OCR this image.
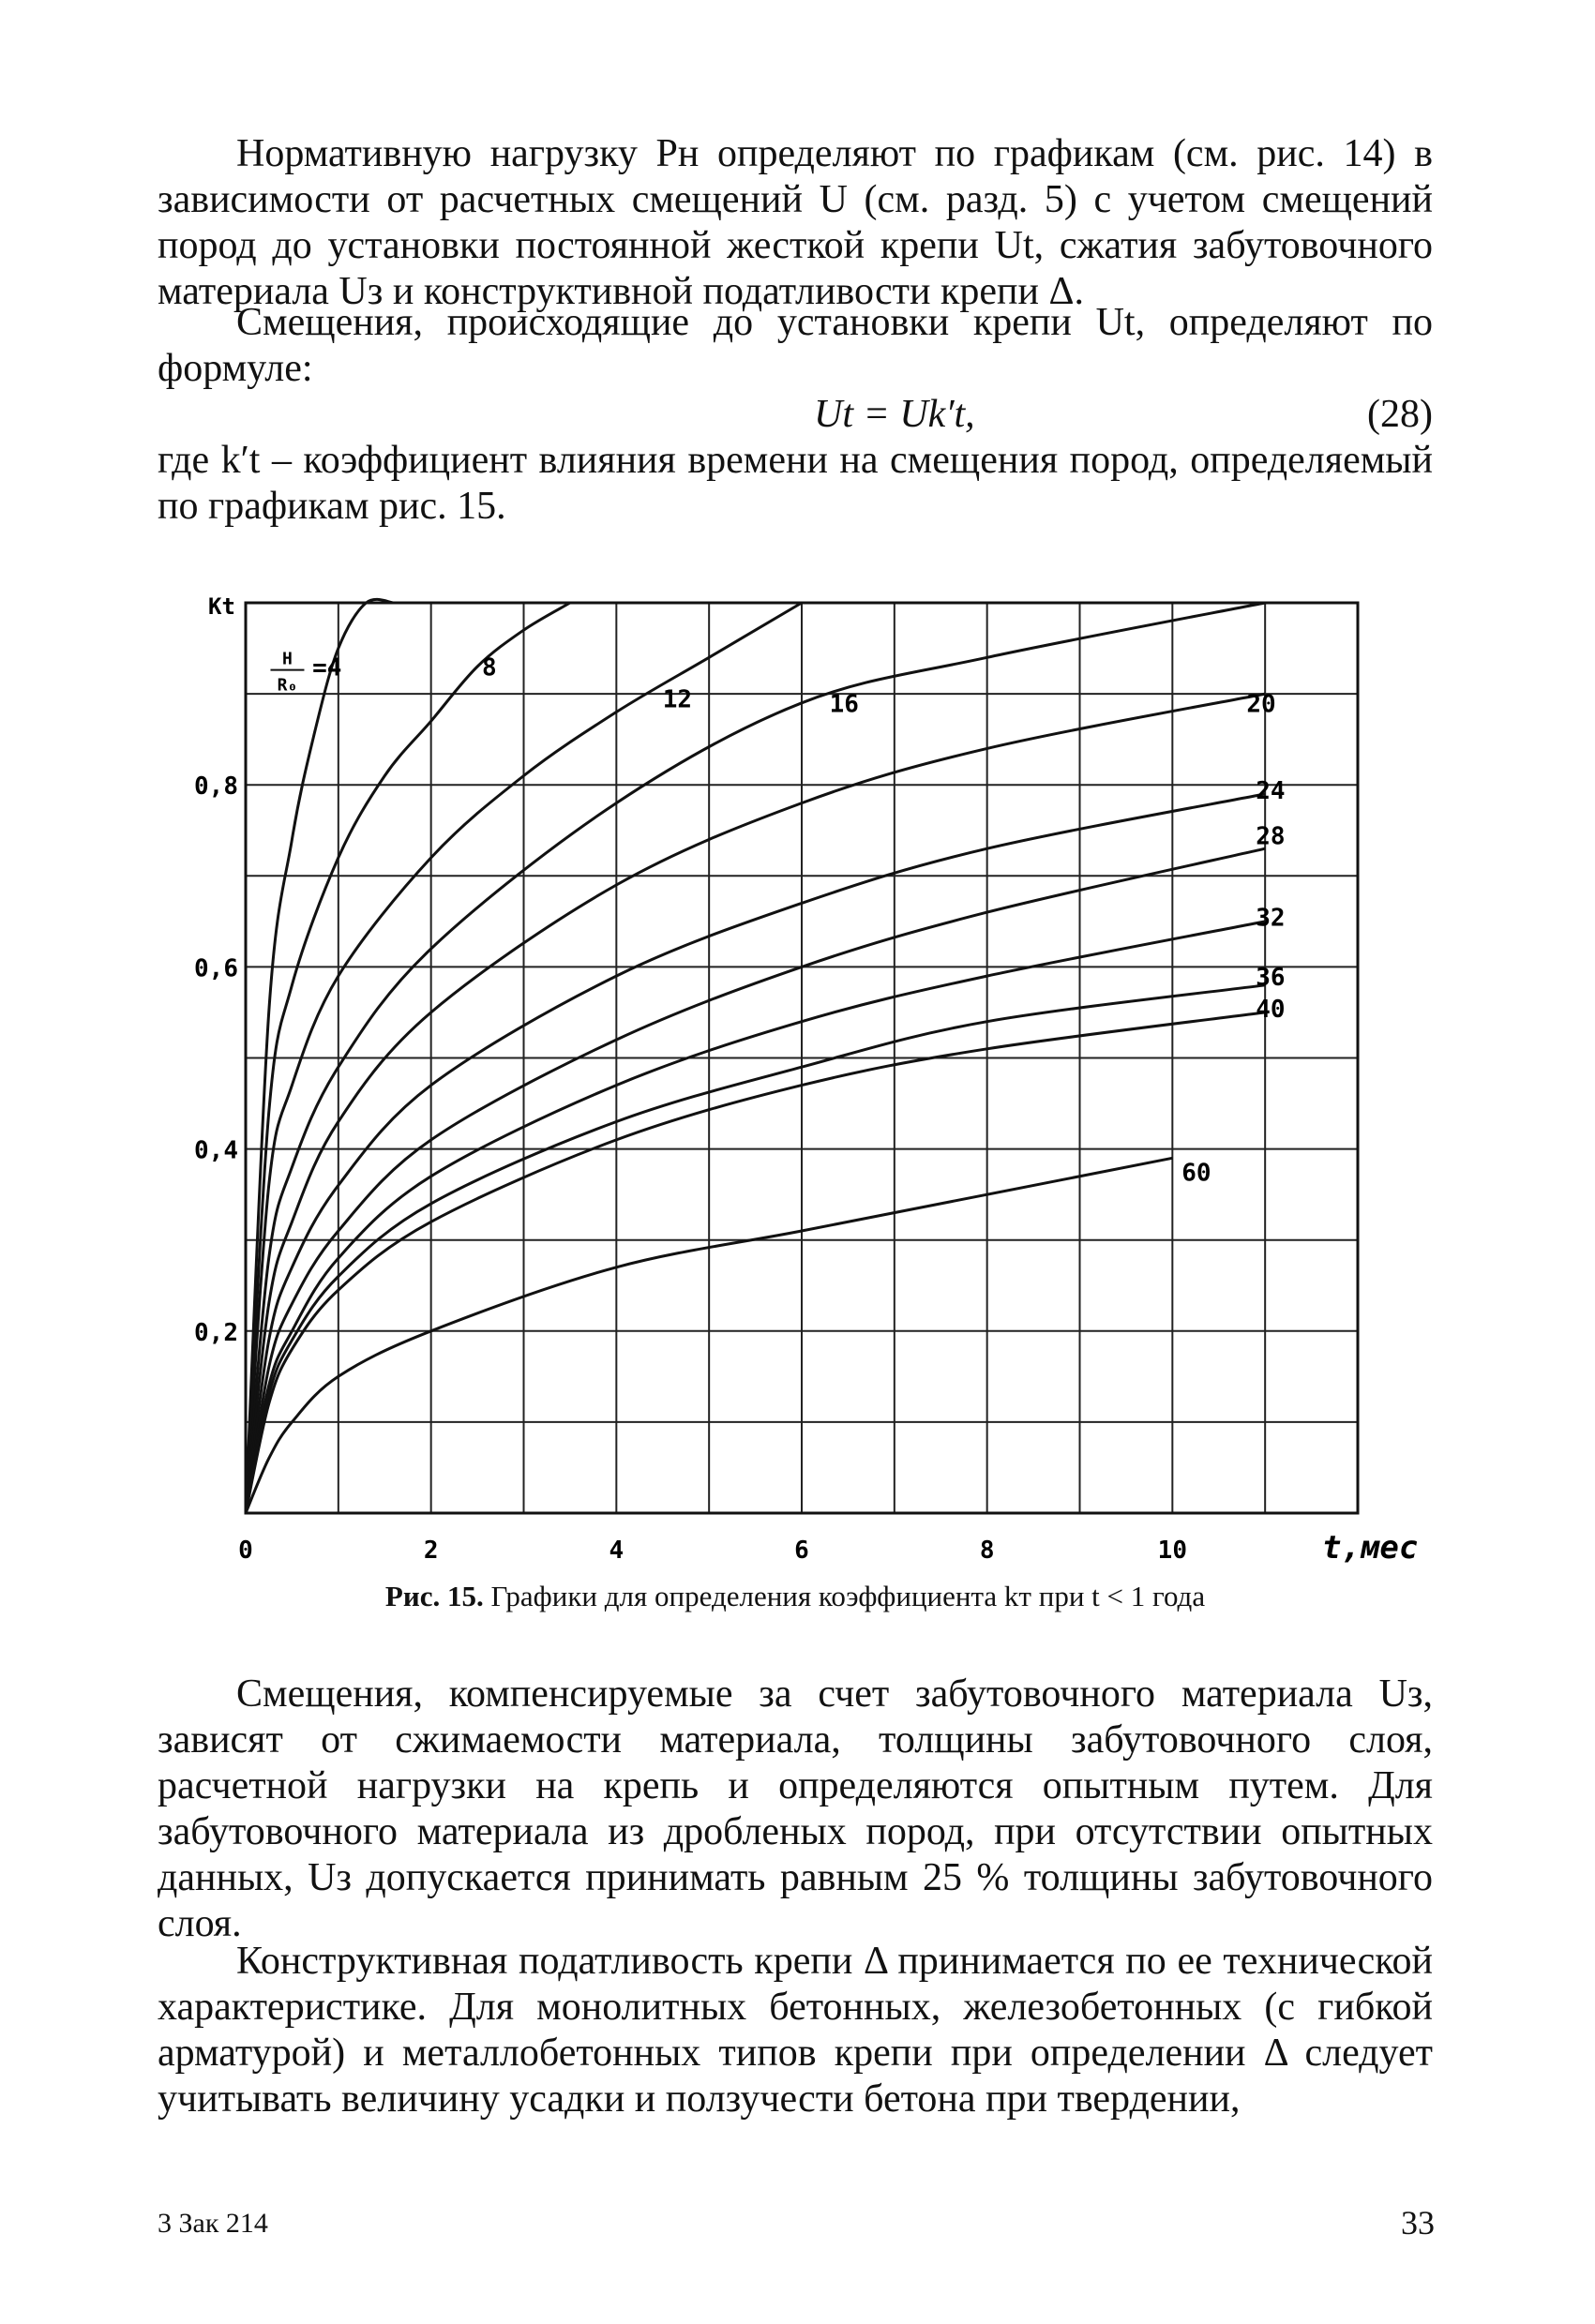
Нормативную нагрузку Pн определяют по графикам (см. рис. 14) в зависимости от расчетных смещений U (см. разд. 5) с учетом смещений пород до установки постоянной жесткой крепи Ut, сжатия забутовочного материала Uз и конструктивной податливости крепи Δ.

Смещения, происходящие до установки крепи Ut, определяют по формуле:

Ut = Uk′t,	(28)

где k′t – коэффициент влияния времени на смещения пород, определяемый по графикам рис. 15.

0	2	4	6	8	10
0,2
0,4
0,6
0,8
=4	8
12	16	20
24
28
32
36
40
60
H
R₀
Kt
t,мес
Рис. 15. Графики для определения коэффициента kт при t < 1 года

Смещения, компенсируемые за счет забутовочного материала Uз, зависят от сжимаемости материала, толщины забутовочного слоя, расчетной нагрузки на крепь и определяются опытным путем. Для забутовочного материала из дробленых пород, при отсутствии опытных данных, Uз допускается принимать равным 25 % толщины забутовочного слоя.

Конструктивная податливость крепи Δ принимается по ее технической характеристике. Для монолитных бетонных, железобетонных (с гибкой арматурой) и металлобетонных типов крепи при определении Δ следует учитывать величину усадки и ползучести бетона при твердении,

3 Зак 214	33
